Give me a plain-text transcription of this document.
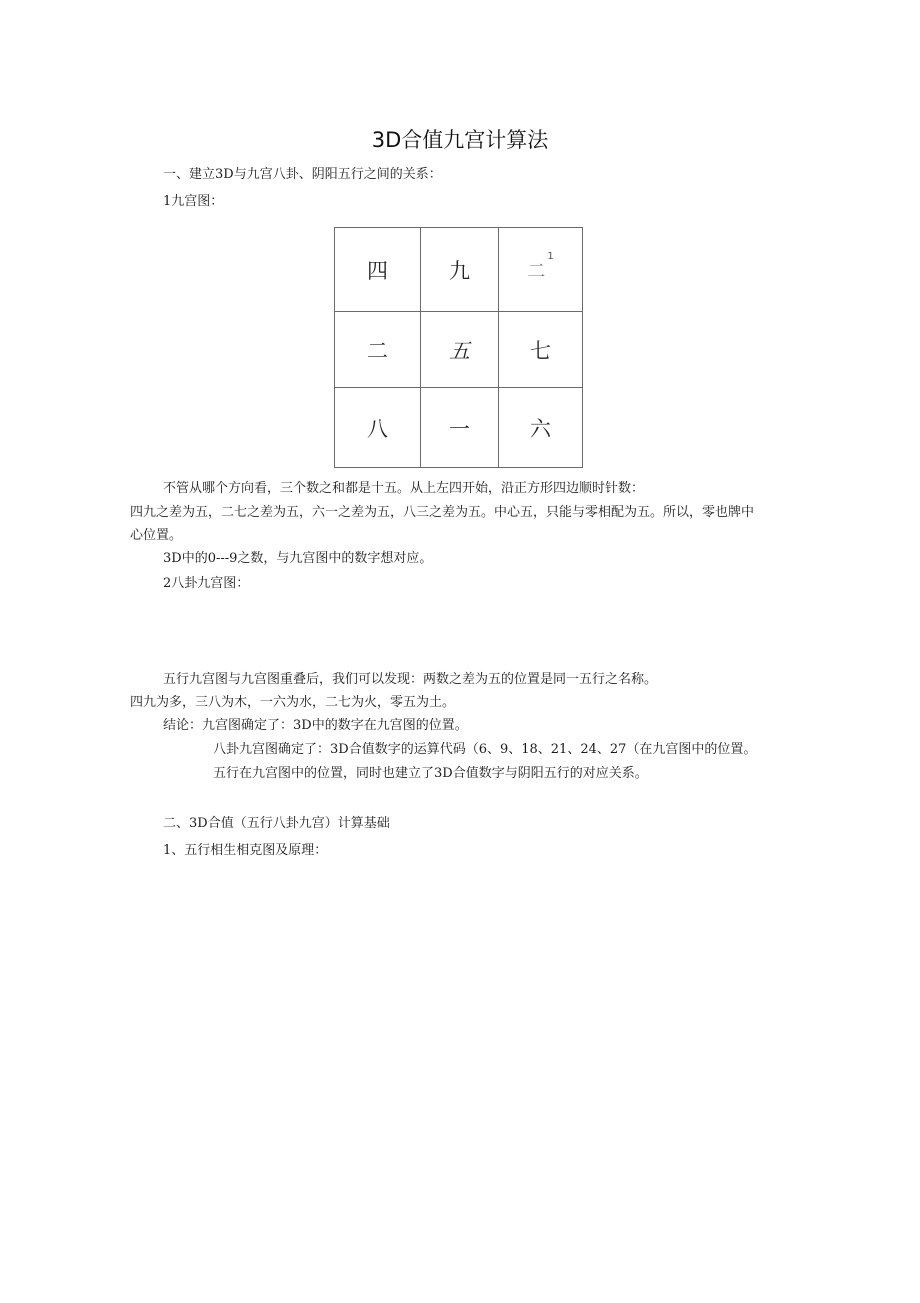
3D合值九宫计算法
一、建立3D与九宫八卦、阴阳五行之间的关系：
1九宫图：
四	九	二$^1$
二	五	七
八	一	六
不管从哪个方向看，三个数之和都是十五。从上左四开始，沿正方形四边顺时针数：
四九之差为五，二七之差为五，六一之差为五，八三之差为五。中心五，只能与零相配为五。所以，零也牌中
心位置。
3D中的0---9之数，与九宫图中的数字想对应。
2八卦九宫图：
五行九宫图与九宫图重叠后，我们可以发现：两数之差为五的位置是同一五行之名称。
四九为多，三八为木，一六为水，二七为火，零五为土。
结论：九宫图确定了：3D中的数字在九宫图的位置。
八卦九宫图确定了：3D合值数字的运算代码（6、9、18、21、24、27（在九宫图中的位置。
五行在九宫图中的位置，同时也建立了3D合值数字与阴阳五行的对应关系。
二、3D合值（五行八卦九宫）计算基础
1、五行相生相克图及原理：
